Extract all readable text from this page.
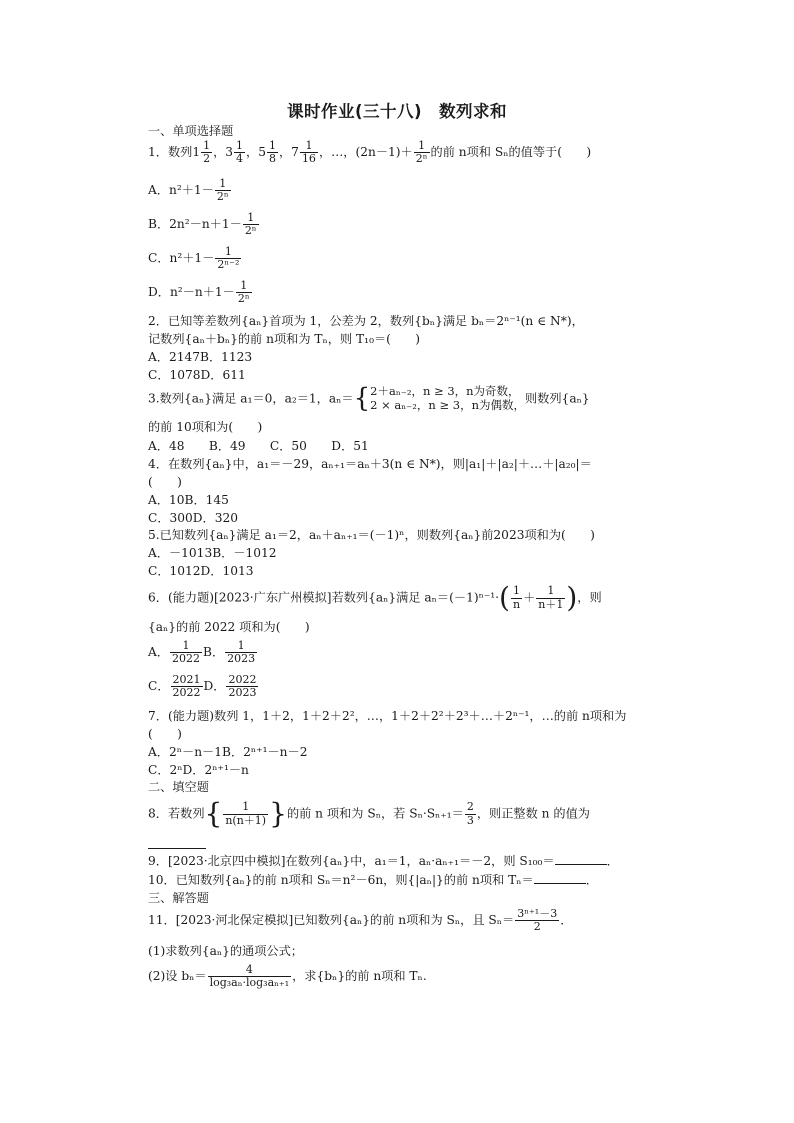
课时作业(三十八)　数列求和
一、单项选择题
1．数列$1 \frac{1}{2}$ ，$3 \frac{1}{4}$ ，$5 \frac{1}{8}$ ，$7 \frac{1}{16}$ ，…，$(2n-1)+ \frac{1}{\text{2ⁿ}}$ 的前 n项和 Sₙ的值等于(　　)
A．$n^2+1- \frac{1}{\text{2ⁿ}}$
B．$2n^2-n+1- \frac{1}{\text{2ⁿ}}$
C．$n^2+1- \frac{1}{\text{2ⁿ⁻²}}$
D．$n^2-n+1- \frac{1}{\text{2ⁿ}}$
2．已知等差数列{aₙ}首项为 1，公差为 2，数列{bₙ}满足 bₙ＝2ⁿ⁻¹(n ∈ N*)，
记数列{aₙ＋bₙ}的前 n项和为 Tₙ，则 T₁₀＝(　　)
A．2147B．1123
C．1078D．611
3.数列{aₙ}满足 a₁＝0，a₂＝1，aₙ＝{ 2＋aₙ₋₂，n ≥ 3，n为奇数，
2 × aₙ₋₂，n ≥ 3，n为偶数，
则数列{aₙ}
的前 10项和为(　　)
A．48　　B．49　　C．50　　D．51
4．在数列{aₙ}中，a₁＝－29，aₙ₊₁＝aₙ＋3(n ∈ N*)，则|a₁|＋|a₂|＋…＋|a₂₀|＝
(　　)
A．10B．145
C．300D．320
5.已知数列{aₙ}满足 a₁＝2，aₙ＋aₙ₊₁＝(－1)ⁿ，则数列{aₙ}前2023项和为(　　)
A．－1013B．－1012
C．1012D．1013
6．(能力题)[2023·广东广州模拟]若数列{aₙ}满足 $a_n=(-1)^{n-1}\cdot( \frac{1}{n} + \frac{1}{n+1}$ )，则
{aₙ}的前 2022 项和为(　　)
A． $\frac{1}{2022}$ B． $\frac{1}{2023}$
C． $\frac{2021}{2022}$ D． $\frac{2022}{2023}$
7．(能力题)数列 1，1＋2，1＋2＋2²，…，1＋2＋2²＋2³＋…＋2ⁿ⁻¹，…的前 n项和为
(　　)
A．2ⁿ－n－1B．2ⁿ⁺¹－n－2
C．2ⁿD．2ⁿ⁺¹－n
二、填空题
8．若数列{ $\frac{1}{n(n+1)}$ }的前 n 项和为 Sₙ，若 $S_n\cdot S_{n+1}= \frac{2}{3}$ ，则正整数 n 的值为
9．[2023·北京四中模拟]在数列{aₙ}中，a₁＝1，aₙ·aₙ₊₁＝－2，则 S₁₀₀＝	．
10．已知数列{aₙ}的前 n项和 Sₙ＝n²－6n，则{|aₙ|}的前 n项和 Tₙ＝	．
三、解答题
11．[2023·河北保定模拟]已知数列{aₙ}的前 n项和为 Sₙ，且 $S_n= \frac{\text{3ⁿ⁺¹－3}}{2}$ ．
(1)求数列{aₙ}的通项公式；
(2)设 $b_n= \frac{4}{\text{log₃aₙ·log₃aₙ₊₁}}$ ，求{bₙ}的前 n项和 Tₙ.
